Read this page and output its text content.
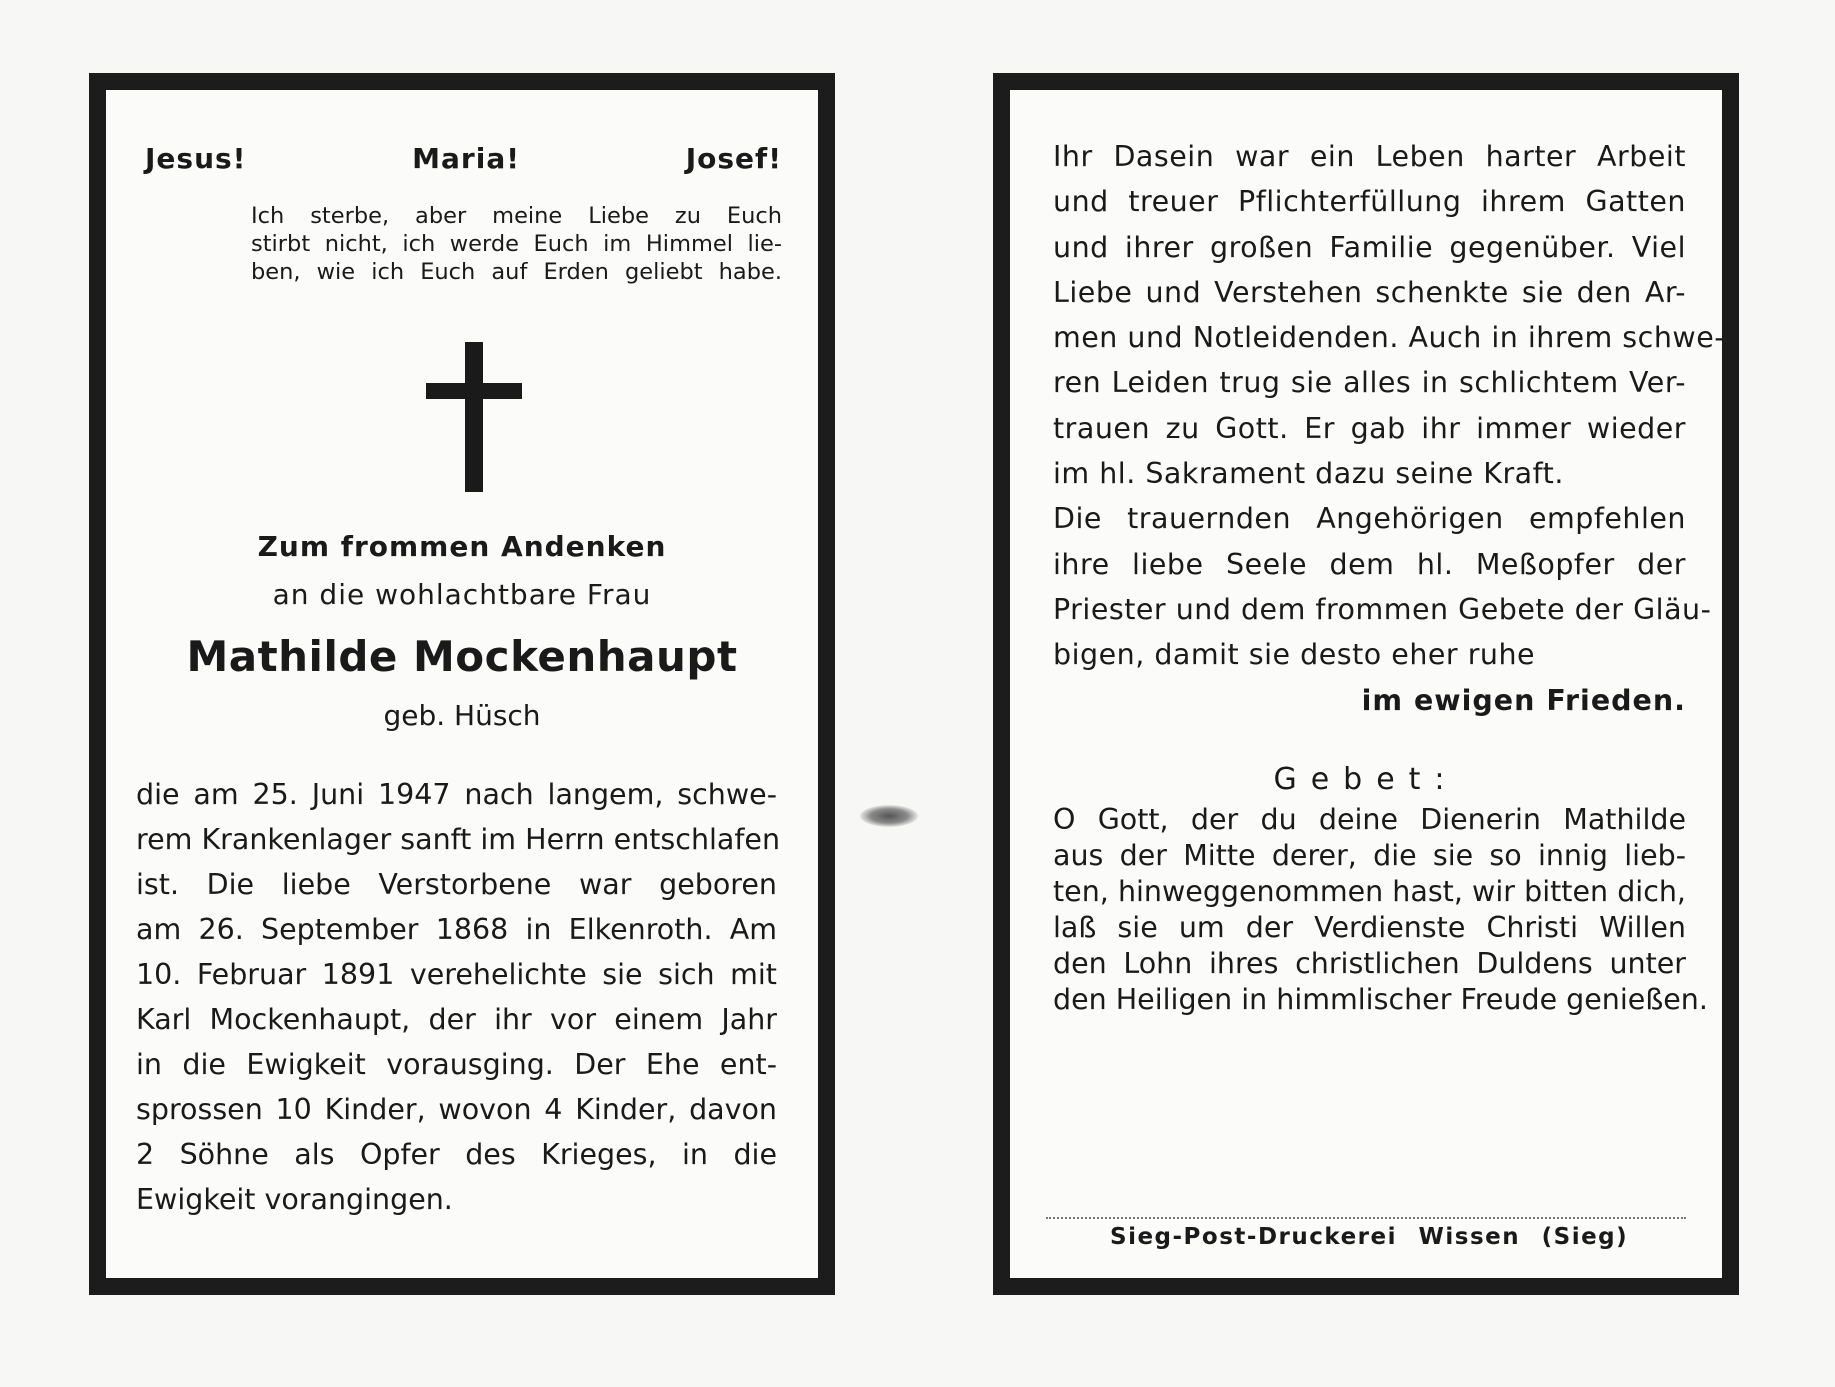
Jesus!	Maria!	Josef!
Ich sterbe, aber meine Liebe zu Euch
stirbt nicht, ich werde Euch im Himmel lie-
ben, wie ich Euch auf Erden geliebt habe.
Zum frommen Andenken
an die wohlachtbare Frau
Mathilde Mockenhaupt
geb. Hüsch
die am 25. Juni 1947 nach langem, schwe-
rem Krankenlager sanft im Herrn entschlafen
ist. Die liebe Verstorbene war geboren
am 26. September 1868 in Elkenroth. Am
10. Februar 1891 verehelichte sie sich mit
Karl Mockenhaupt, der ihr vor einem Jahr
in die Ewigkeit vorausging. Der Ehe ent-
sprossen 10 Kinder, wovon 4 Kinder, davon
2 Söhne als Opfer des Krieges, in die
Ewigkeit vorangingen.
Ihr Dasein war ein Leben harter Arbeit
und treuer Pflichterfüllung ihrem Gatten
und ihrer großen Familie gegenüber. Viel
Liebe und Verstehen schenkte sie den Ar-
men und Notleidenden. Auch in ihrem schwe-
ren Leiden trug sie alles in schlichtem Ver-
trauen zu Gott. Er gab ihr immer wieder
im hl. Sakrament dazu seine Kraft.
Die trauernden Angehörigen empfehlen
ihre liebe Seele dem hl. Meßopfer der
Priester und dem frommen Gebete der Gläu-
bigen, damit sie desto eher ruhe
im ewigen Frieden.
Gebet:
O Gott, der du deine Dienerin Mathilde
aus der Mitte derer, die sie so innig lieb-
ten, hinweggenommen hast, wir bitten dich,
laß sie um der Verdienste Christi Willen
den Lohn ihres christlichen Duldens unter
den Heiligen in himmlischer Freude genießen.
Sieg-Post-Druckerei Wissen (Sieg)
